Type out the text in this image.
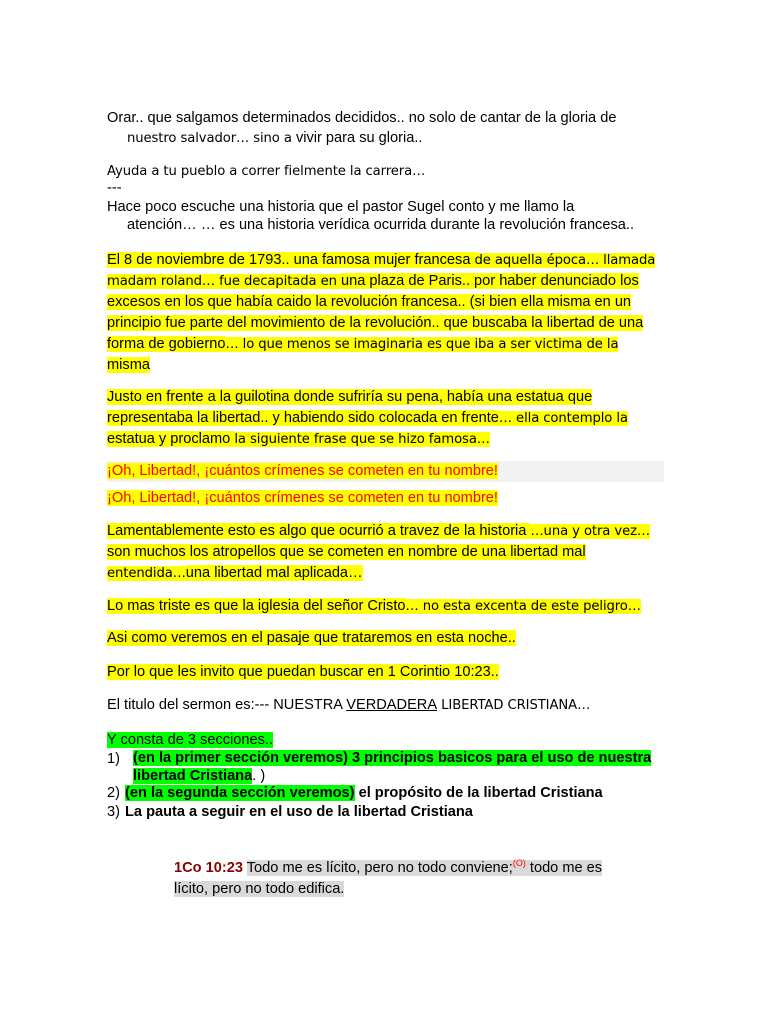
Orar.. que salgamos determinados decididos.. no solo de cantar de la gloria de
nuestro salvador… sino a vivir para su gloria..
Ayuda a tu pueblo a correr fielmente la carrera…
---
Hace poco escuche una historia que el pastor Sugel conto y me llamo la
atención… … es una historia verídica ocurrida durante la revolución francesa..
El 8 de noviembre de 1793.. una famosa mujer francesa de aquella época… llamada
madam roland… fue decapitada en una plaza de Paris.. por haber denunciado los
excesos en los que había caido la revolución francesa.. (si bien ella misma en un
principio fue parte del movimiento de la revolución.. que buscaba la libertad de una
forma de gobierno… lo que menos se imaginaria es que iba a ser victima de la
misma
Justo en frente a la guilotina donde sufriría su pena, había una estatua que
representaba la libertad.. y habiendo sido colocada en frente… ella contemplo la
estatua y proclamo la siguiente frase que se hizo famosa…
¡Oh, Libertad!, ¡cuántos crímenes se cometen en tu nombre!
¡Oh, Libertad!, ¡cuántos crímenes se cometen en tu nombre!
Lamentablemente esto es algo que ocurrió a travez de la historia …una y otra vez…
son muchos los atropellos que se cometen en nombre de una libertad mal
entendida…una libertad mal aplicada…
Lo mas triste es que la iglesia del señor Cristo… no esta excenta de este peligro…
Asi como veremos en el pasaje que trataremos en esta noche..
Por lo que les invito que puedan buscar en 1 Corintio 10:23..
El titulo del sermon es:--- NUESTRA VERDADERA LIBERTAD CRISTIANA…
Y consta de 3 secciones..
1) (en la primer sección veremos) 3 principios basicos para el uso de nuestra libertad Cristiana. )
2) (en la segunda sección veremos) el propósito de la libertad Cristiana
3) La pauta a seguir en el uso de la libertad Cristiana
1Co 10:23 Todo me es lícito, pero no todo conviene;$^{(O)}$ todo me es
lícito, pero no todo edifica.
